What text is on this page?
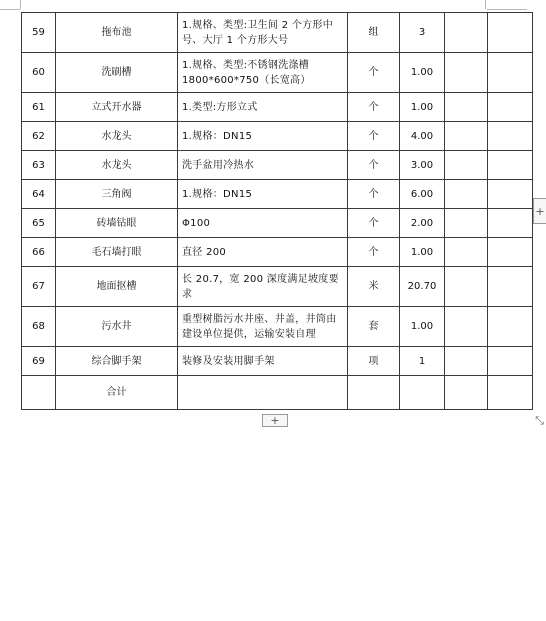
59	拖布池	1.规格、类型:卫生间 2 个方形中号、大厅 1 个方形大号	组	3		
60	洗刷槽	1.规格、类型:不锈钢洗涤槽 1800*600*750（长宽高）	个	1.00		
61	立式开水器	1.类型:方形立式	个	1.00		
62	水龙头	1.规格：DN15	个	4.00		
63	水龙头	洗手盆用冷热水	个	3.00		
64	三角阀	1.规格：DN15	个	6.00		
65	砖墙钻眼	Φ100	个	2.00		
66	毛石墙打眼	直径 200	个	1.00		
67	地面抠槽	长 20.7，宽 200 深度满足坡度要求	米	20.70		
68	污水井	重型树脂污水井座、井盖，井筒由建设单位提供，运输安装自理	套	1.00		
69	综合脚手架	装修及安装用脚手架	项	1		
	合计					
+
+
⤡
